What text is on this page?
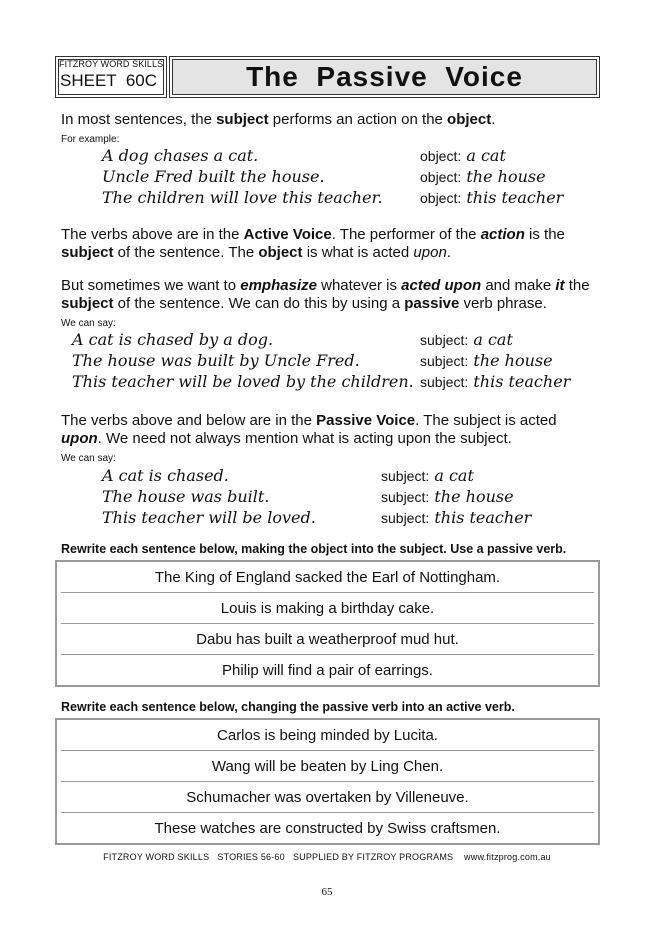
FITZROY WORD SKILLS
SHEET  60C	The  Passive  Voice
In most sentences, the subject performs an action on the object.
For example:
A dog chases a cat.	object: a cat
Uncle Fred built the house.	object: the house
The children will love this teacher.	object: this teacher
The verbs above are in the Active Voice. The performer of the action is the
subject of the sentence. The object is what is acted upon.
But sometimes we want to emphasize whatever is acted upon and make it the
subject of the sentence. We can do this by using a passive verb phrase.
We can say:
A cat is chased by a dog.	subject: a cat
The house was built by Uncle Fred.	subject: the house
This teacher will be loved by the children. subject: this teacher
The verbs above and below are in the Passive Voice. The subject is acted
upon. We need not always mention what is acting upon the subject.
We can say:
A cat is chased.	subject: a cat
The house was built.	subject: the house
This teacher will be loved.	subject: this teacher
Rewrite each sentence below, making the object into the subject. Use a passive verb.
The King of England sacked the Earl of Nottingham.
Louis is making a birthday cake.
Dabu has built a weatherproof mud hut.
Philip will find a pair of earrings.
Rewrite each sentence below, changing the passive verb into an active verb.
Carlos is being minded by Lucita.
Wang will be beaten by Ling Chen.
Schumacher was overtaken by Villeneuve.
These watches are constructed by Swiss craftsmen.
FITZROY WORD SKILLS   STORIES 56-60   SUPPLIED BY FITZROY PROGRAMS    www.fitzprog.com.au
65
